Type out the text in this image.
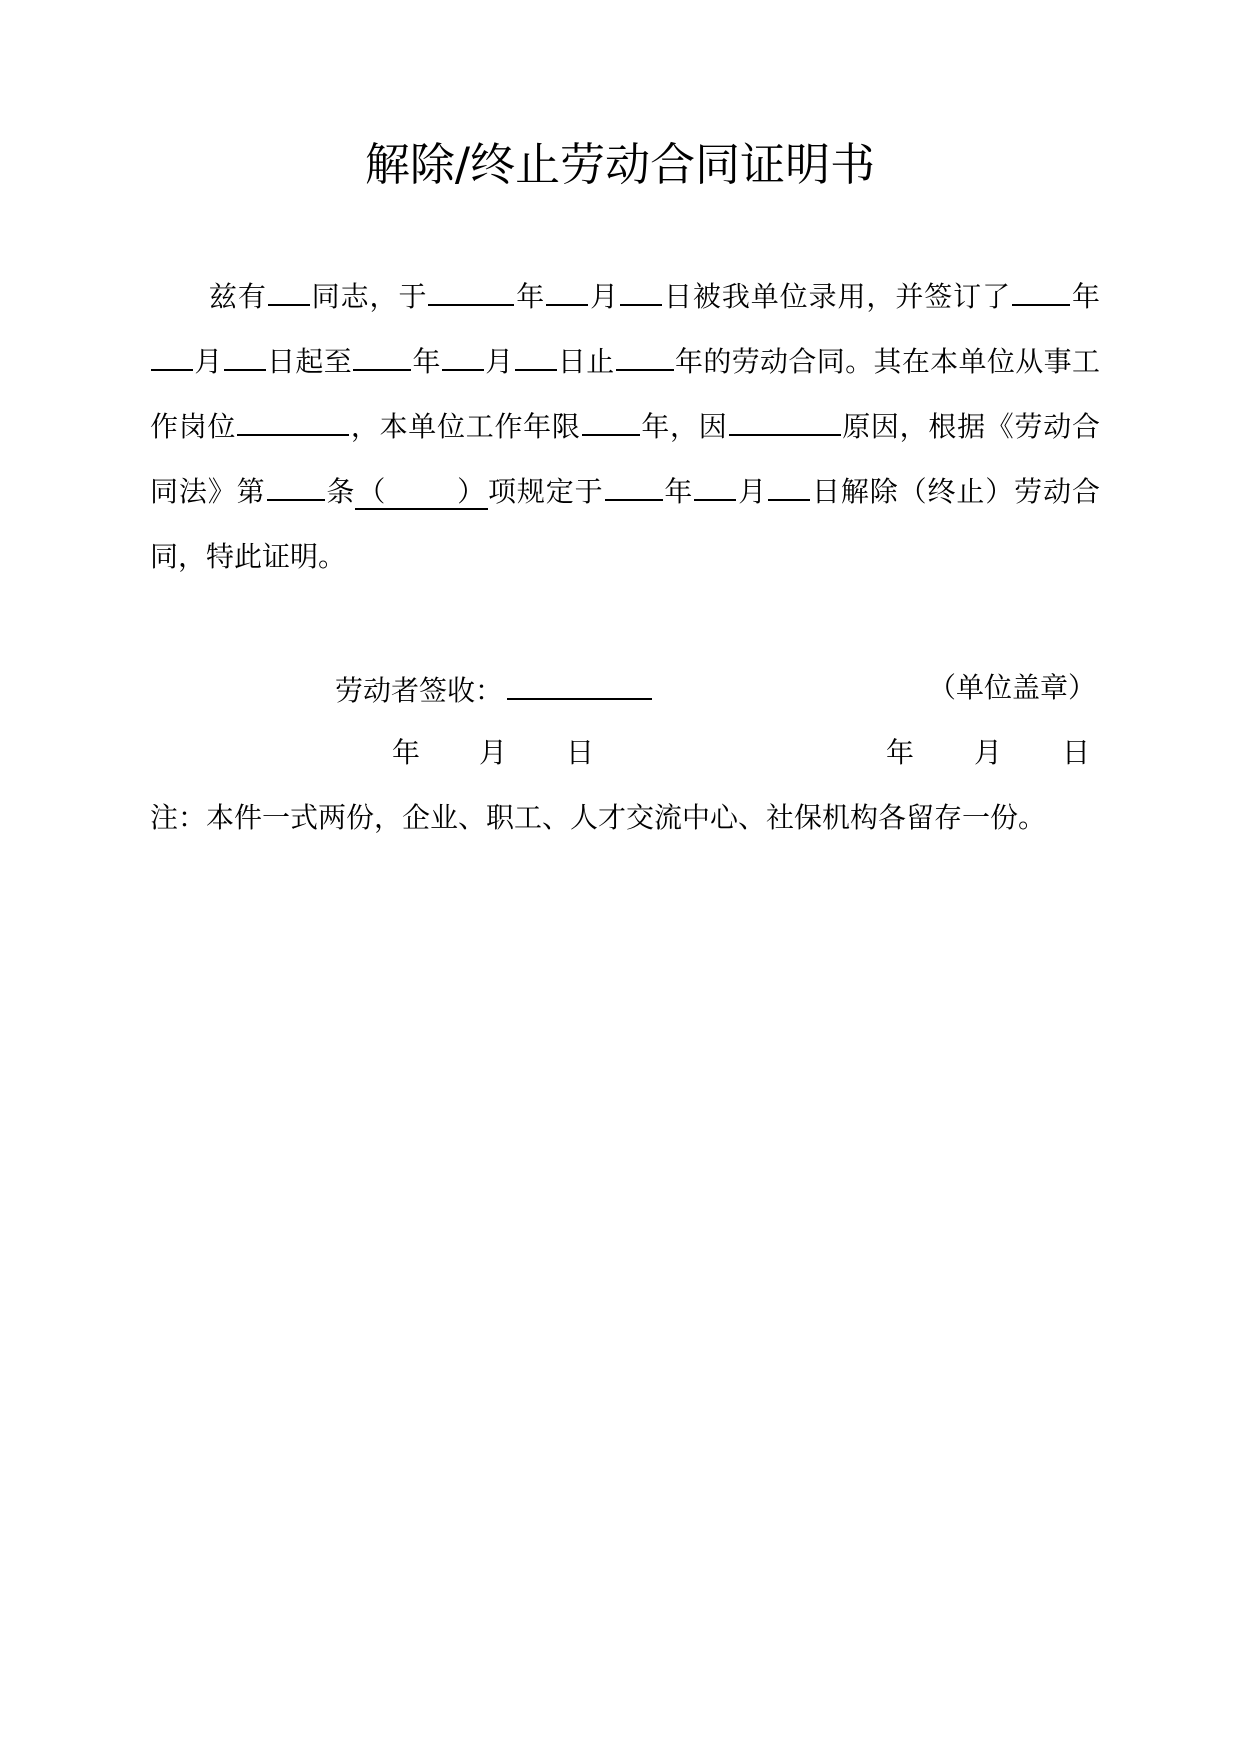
解除/终止劳动合同证明书
兹有 同志，于	年 月 日被我单位录用，并签订了 年月 日起至 年 月 日止 年的劳动合同。其在本单位从事工作岗位	，本单位工作年限 年，因	原因，根据《劳动合同法》第 条（	）项规定于 年 月 日解除（终止）劳动合同，特此证明。
劳动者签收：	（单位盖章）
年 月 日	年 月 日
注：本件一式两份，企业、职工、人才交流中心、社保机构各留存一份。
